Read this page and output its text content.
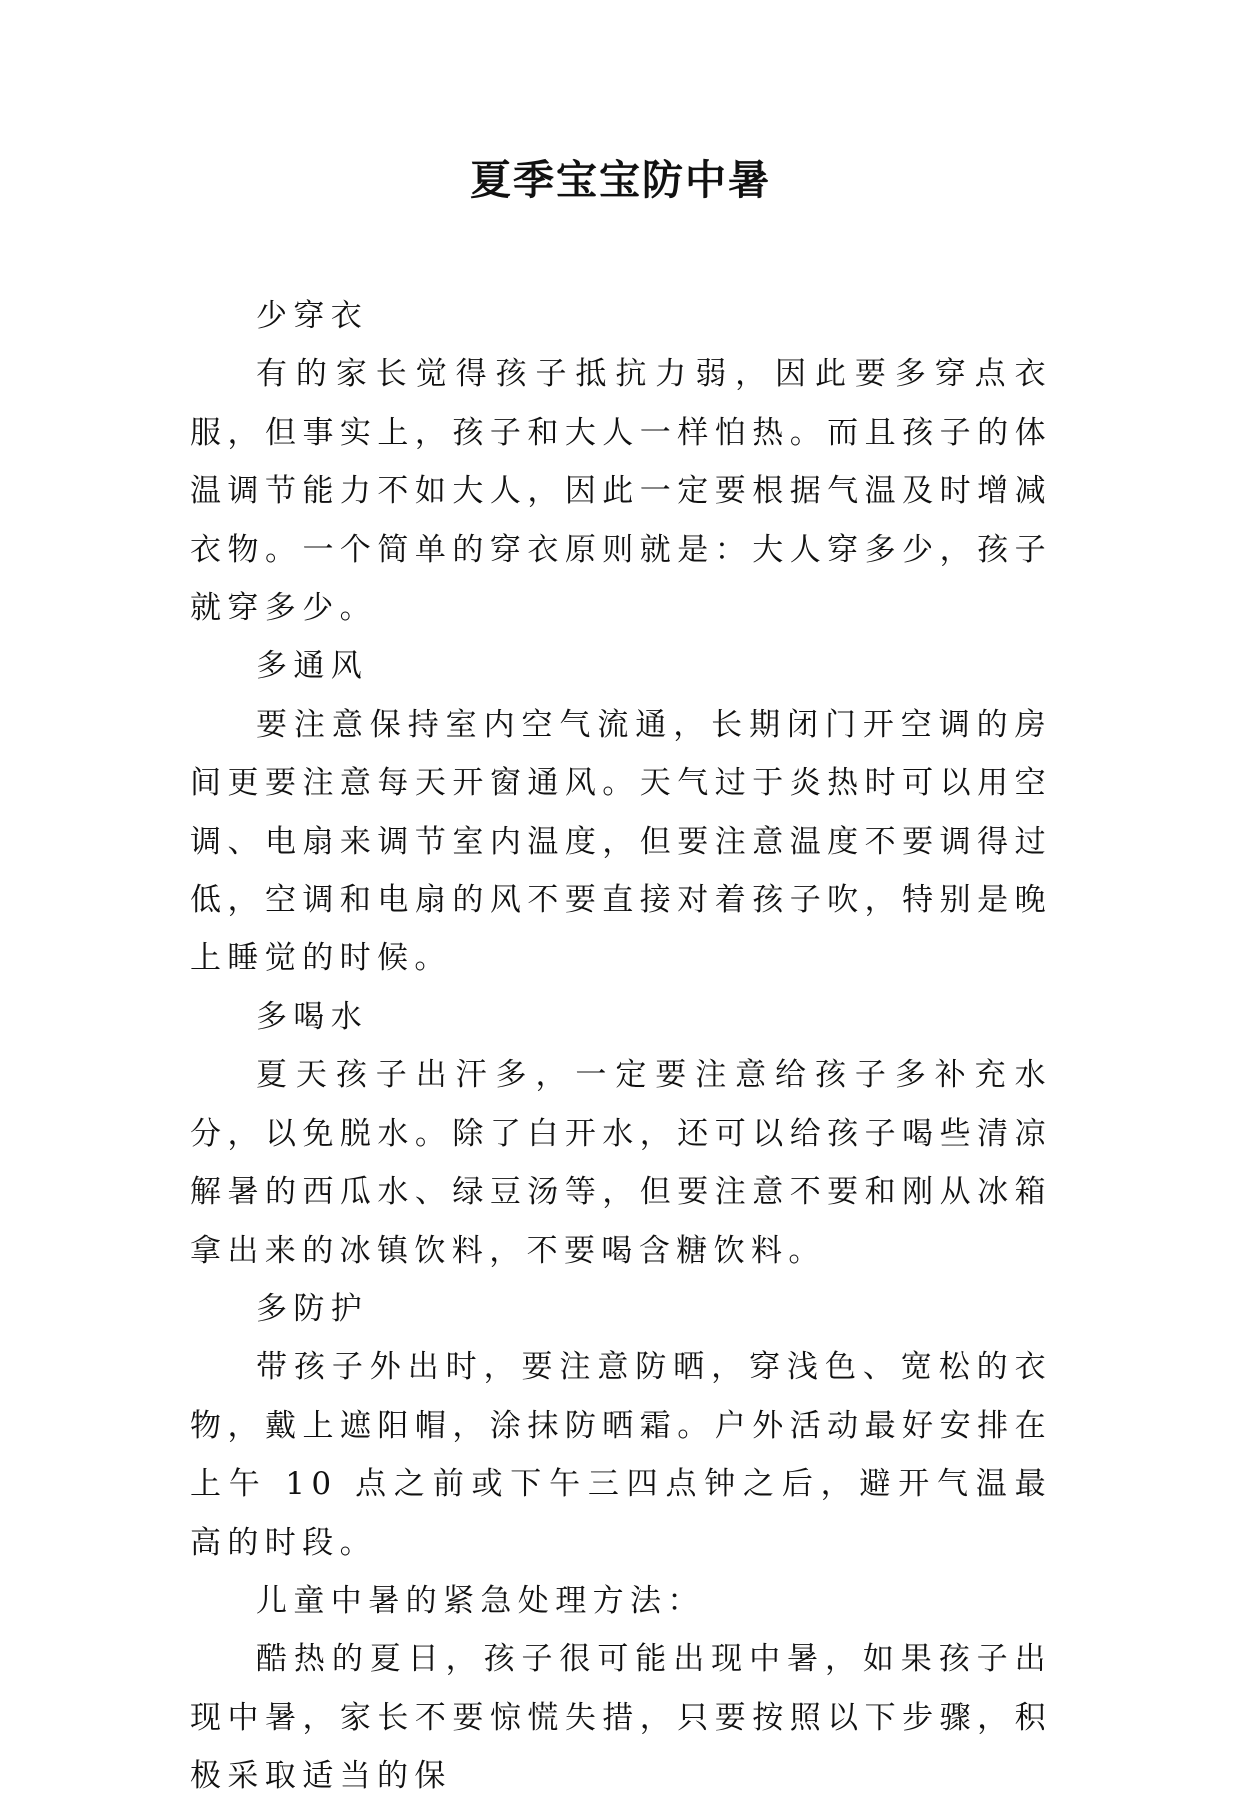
夏季宝宝防中暑

少穿衣

有的家长觉得孩子抵抗力弱，因此要多穿点衣服，但事实上，孩子和大人一样怕热。而且孩子的体温调节能力不如大人，因此一定要根据气温及时增减衣物。一个简单的穿衣原则就是：大人穿多少，孩子就穿多少。

多通风

要注意保持室内空气流通，长期闭门开空调的房间更要注意每天开窗通风。天气过于炎热时可以用空调、电扇来调节室内温度，但要注意温度不要调得过低，空调和电扇的风不要直接对着孩子吹，特别是晚上睡觉的时候。

多喝水

夏天孩子出汗多，一定要注意给孩子多补充水分，以免脱水。除了白开水，还可以给孩子喝些清凉解暑的西瓜水、绿豆汤等，但要注意不要和刚从冰箱拿出来的冰镇饮料，不要喝含糖饮料。

多防护

带孩子外出时，要注意防晒，穿浅色、宽松的衣物，戴上遮阳帽，涂抹防晒霜。户外活动最好安排在上午 10 点之前或下午三四点钟之后，避开气温最高的时段。

儿童中暑的紧急处理方法：

酷热的夏日，孩子很可能出现中暑，如果孩子出现中暑，家长不要惊慌失措，只要按照以下步骤，积极采取适当的保
